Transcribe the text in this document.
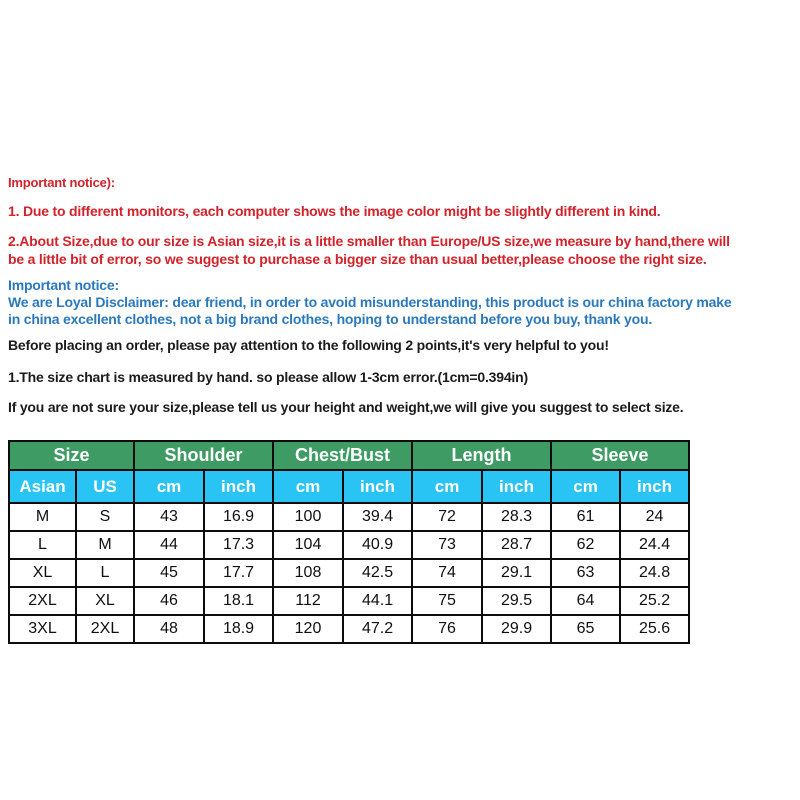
Important notice):
1. Due to different monitors, each computer shows the image color might be slightly different in kind.
2.About Size,due to our size is Asian size,it is a little smaller than Europe/US size,we measure by hand,there will
be a little bit of error, so we suggest to purchase a bigger size than usual better,please choose the right size.
Important notice:
We are Loyal Disclaimer: dear friend, in order to avoid misunderstanding, this product is our china factory make
in china excellent clothes, not a big brand clothes, hoping to understand before you buy, thank you.
Before placing an order, please pay attention to the following 2 points,it's very helpful to you!
1.The size chart is measured by hand. so please allow 1-3cm error.(1cm=0.394in)
If you are not sure your size,please tell us your height and weight,we will give you suggest to select size.
Size		Shoulder		Chest/Bust		Length		Sleeve	
Asian	US	cm	inch	cm	inch	cm	inch	cm	inch
M	S	43	16.9	100	39.4	72	28.3	61	24
L	M	44	17.3	104	40.9	73	28.7	62	24.4
XL	L	45	17.7	108	42.5	74	29.1	63	24.8
2XL	XL	46	18.1	112	44.1	75	29.5	64	25.2
3XL	2XL	48	18.9	120	47.2	76	29.9	65	25.6
